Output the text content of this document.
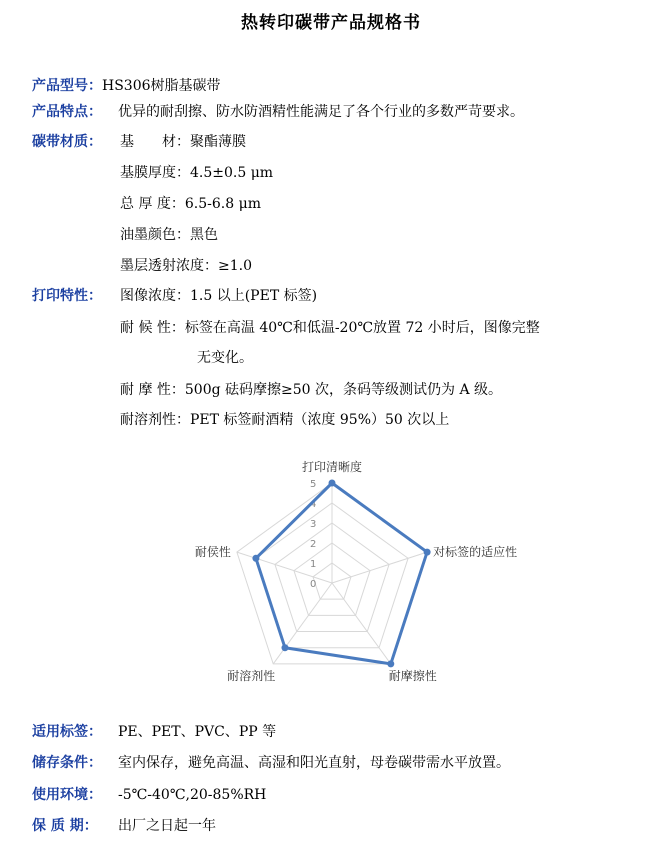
热转印碳带产品规格书
产品型号：HS306树脂基碳带
产品特点： 优异的耐刮擦、防水防酒精性能满足了各个行业的多数严苛要求。
碳带材质： 基　　材：聚酯薄膜
基膜厚度：4.5±0.5 μm
总 厚 度：6.5-6.8 μm
油墨颜色：黑色
墨层透射浓度：≥1.0
打印特性： 图像浓度：1.5 以上(PET 标签)
耐 候 性：标签在高温 40℃和低温-20℃放置 72 小时后，图像完整
无变化。
耐 摩 性：500g 砝码摩擦≥50 次，条码等级测试仍为 A 级。
耐溶剂性：PET 标签耐酒精（浓度 95%）50 次以上
0
1
2
3
4
5
打印清晰度
对标签的适应性
耐摩擦性
耐溶剂性
耐侯性
适用标签： PE、PET、PVC、PP 等
储存条件： 室内保存，避免高温、高湿和阳光直射，母卷碳带需水平放置。
使用环境： -5℃-40℃,20-85%RH
保 质 期： 出厂之日起一年
